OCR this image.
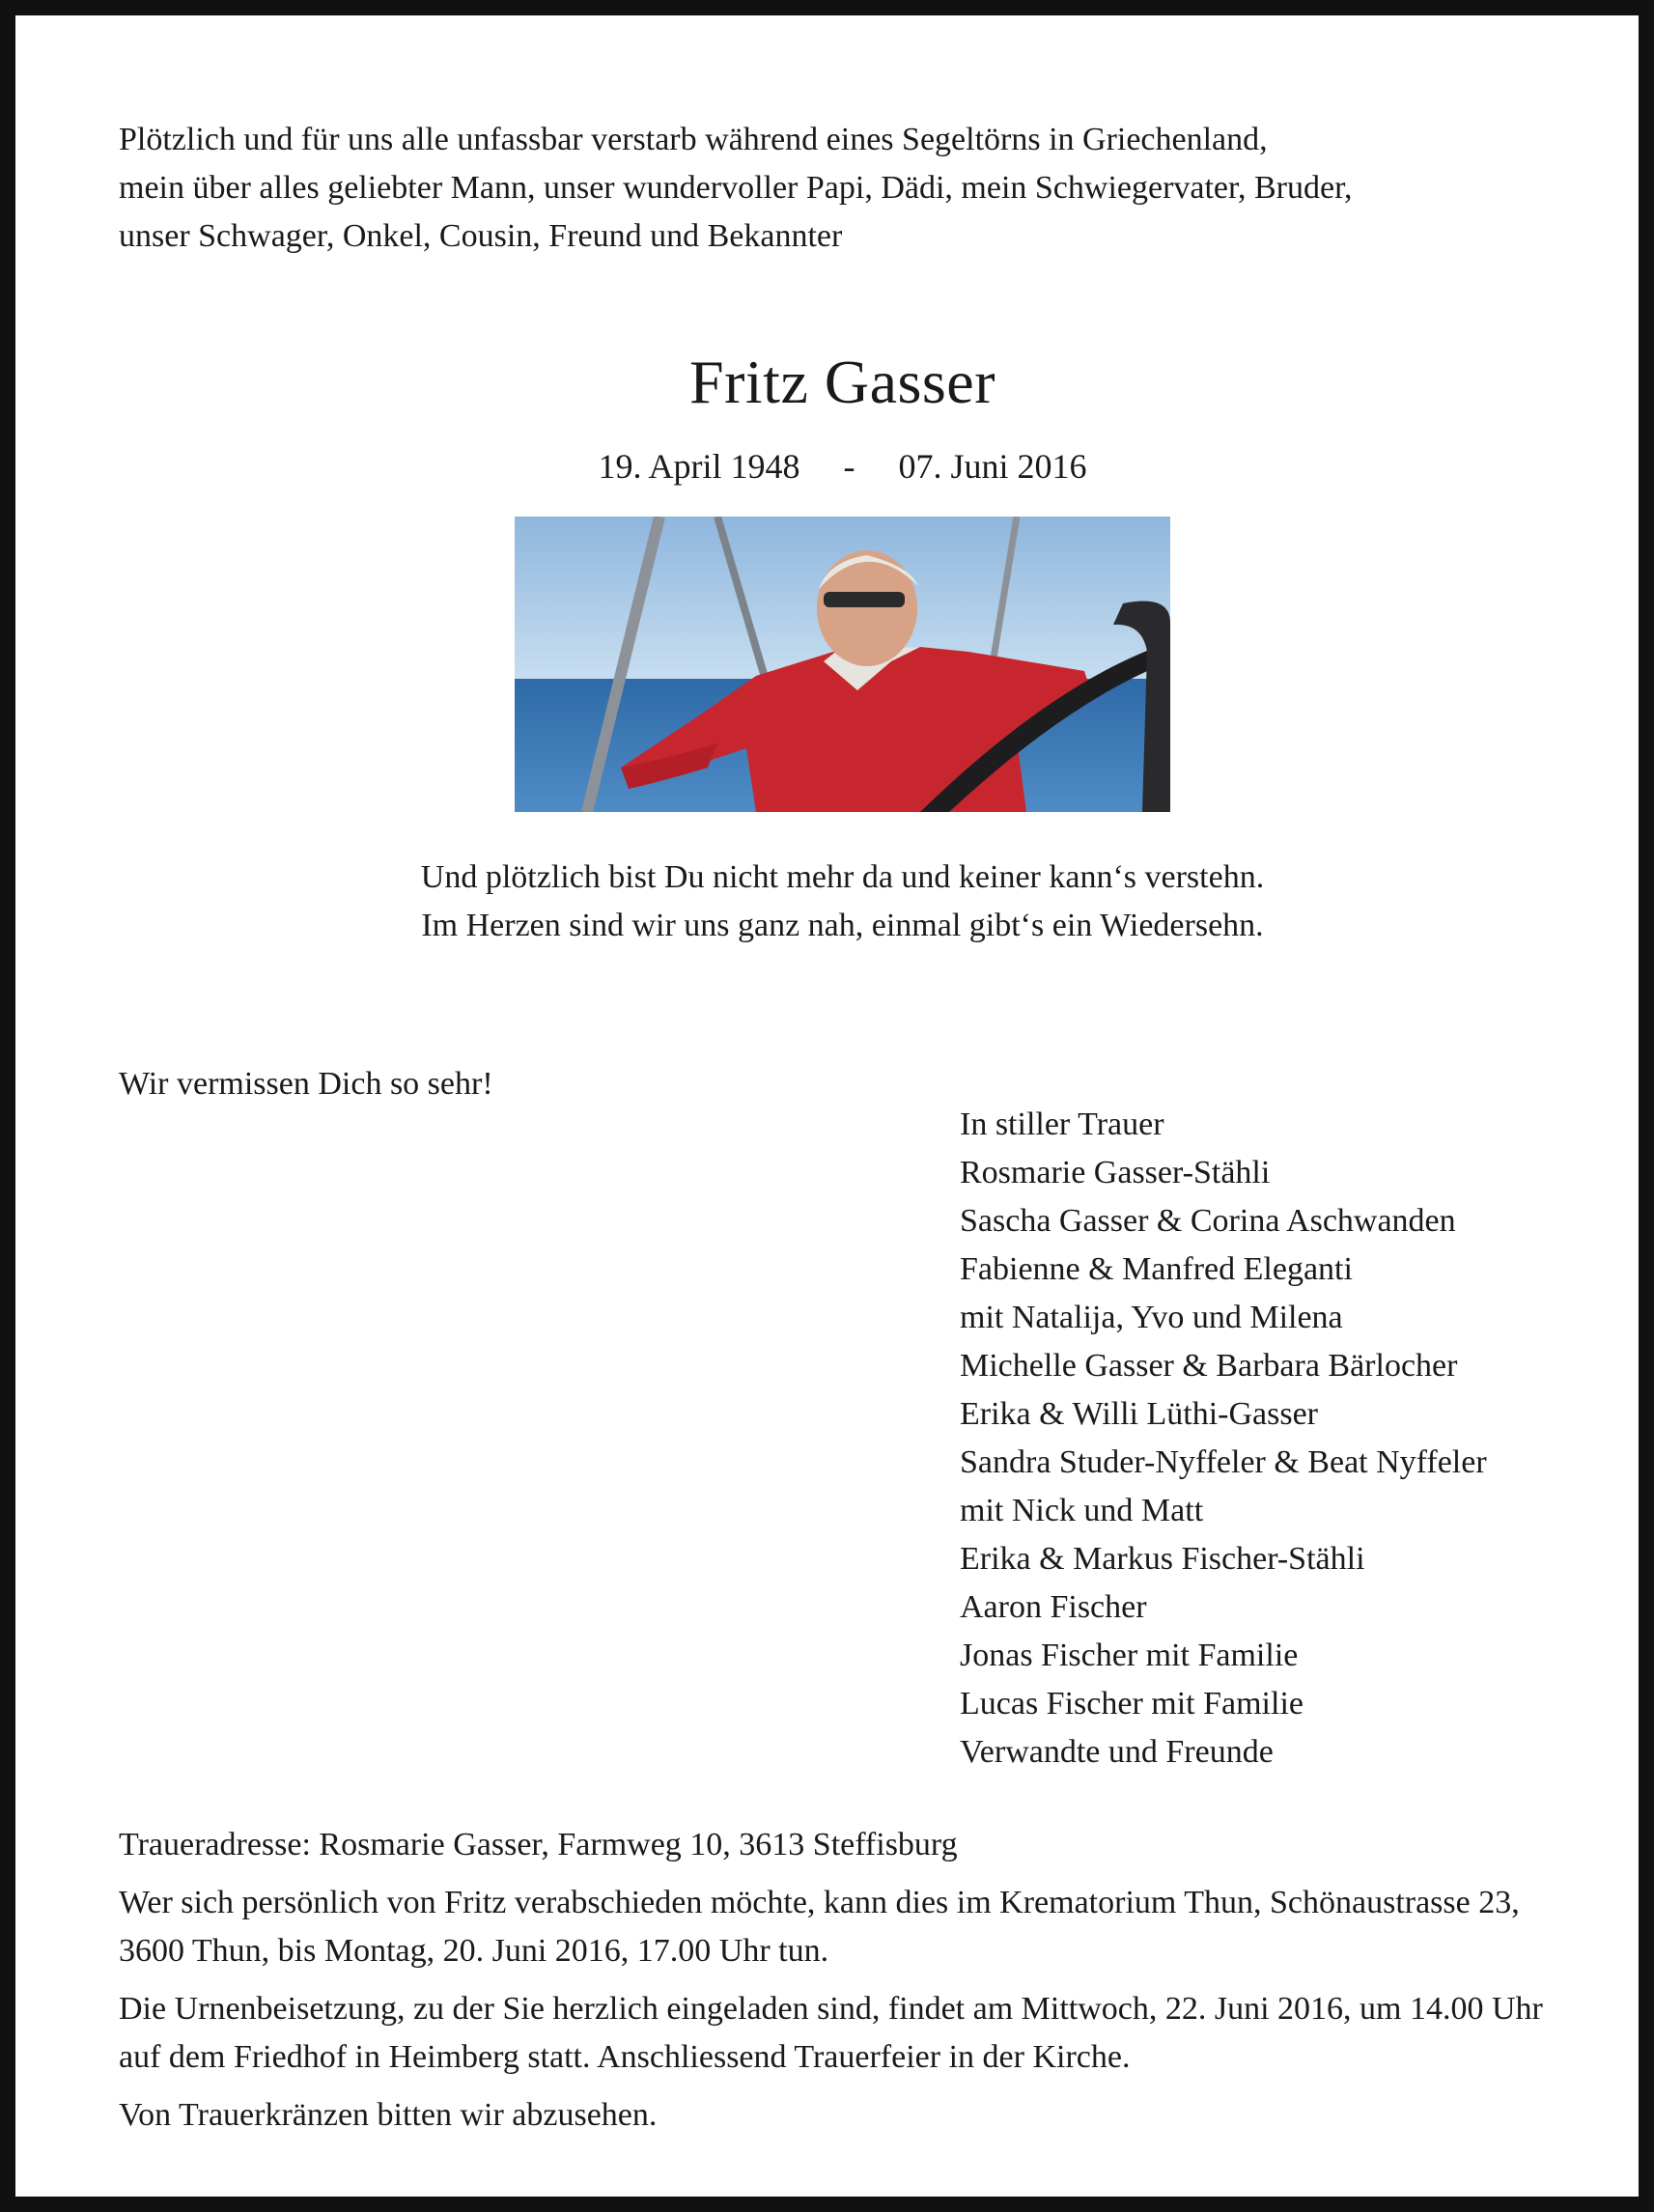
Plötzlich und für uns alle unfassbar verstarb während eines Segeltörns in Griechenland,
mein über alles geliebter Mann, unser wundervoller Papi, Dädi, mein Schwiegervater, Bruder,
unser Schwager, Onkel, Cousin, Freund und Bekannter
Fritz Gasser
19. April 1948 - 07. Juni 2016
Und plötzlich bist Du nicht mehr da und keiner kann‘s verstehn.
Im Herzen sind wir uns ganz nah, einmal gibt‘s ein Wiedersehn.
Wir vermissen Dich so sehr!
In stiller Trauer
Rosmarie Gasser-Stähli
Sascha Gasser & Corina Aschwanden
Fabienne & Manfred Eleganti
mit Natalija, Yvo und Milena
Michelle Gasser & Barbara Bärlocher
Erika & Willi Lüthi-Gasser
Sandra Studer-Nyffeler & Beat Nyffeler
mit Nick und Matt
Erika & Markus Fischer-Stähli
Aaron Fischer
Jonas Fischer mit Familie
Lucas Fischer mit Familie
Verwandte und Freunde

Traueradresse: Rosmarie Gasser, Farmweg 10, 3613 Steffisburg

Wer sich persönlich von Fritz verabschieden möchte, kann dies im Krematorium Thun, Schönaustrasse 23, 3600 Thun, bis Montag, 20. Juni 2016, 17.00 Uhr tun.

Die Urnenbeisetzung, zu der Sie herzlich eingeladen sind, findet am Mittwoch, 22. Juni 2016, um 14.00 Uhr auf dem Friedhof in Heimberg statt. Anschliessend Trauerfeier in der Kirche.

Von Trauerkränzen bitten wir abzusehen.
